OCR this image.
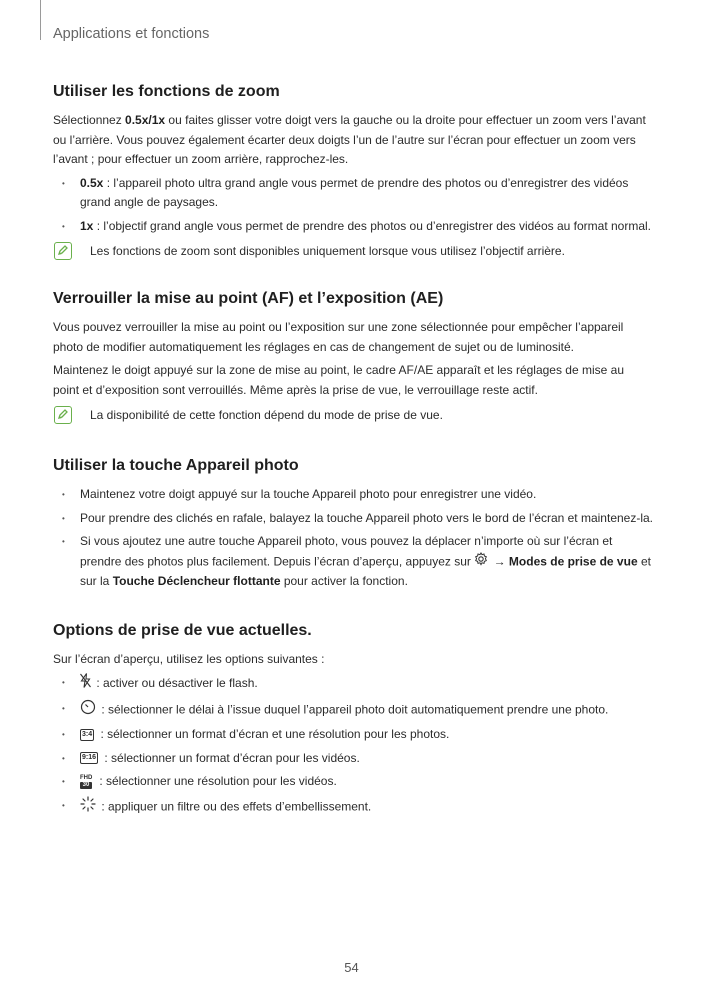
Applications et fonctions
Utiliser les fonctions de zoom

Sélectionnez 0.5x/1x ou faites glisser votre doigt vers la gauche ou la droite pour effectuer un zoom vers l’avant ou l’arrière. Vous pouvez également écarter deux doigts l’un de l’autre sur l’écran pour effectuer un zoom vers l’avant ; pour effectuer un zoom arrière, rapprochez-les.

• 0.5x : l’appareil photo ultra grand angle vous permet de prendre des photos ou d’enregistrer des vidéos grand angle de paysages.
• 1x : l’objectif grand angle vous permet de prendre des photos ou d’enregistrer des vidéos au format normal.
Les fonctions de zoom sont disponibles uniquement lorsque vous utilisez l’objectif arrière.
Verrouiller la mise au point (AF) et l’exposition (AE)

Vous pouvez verrouiller la mise au point ou l’exposition sur une zone sélectionnée pour empêcher l’appareil photo de modifier automatiquement les réglages en cas de changement de sujet ou de luminosité.

Maintenez le doigt appuyé sur la zone de mise au point, le cadre AF/AE apparaît et les réglages de mise au point et d’exposition sont verrouillés. Même après la prise de vue, le verrouillage reste actif.

La disponibilité de cette fonction dépend du mode de prise de vue.
Utiliser la touche Appareil photo
• Maintenez votre doigt appuyé sur la touche Appareil photo pour enregistrer une vidéo.
• Pour prendre des clichés en rafale, balayez la touche Appareil photo vers le bord de l’écran et maintenez-la.
• Si vous ajoutez une autre touche Appareil photo, vous pouvez la déplacer n’importe où sur l’écran et prendre des photos plus facilement. Depuis l’écran d’aperçu, appuyez sur  → Modes de prise de vue et sur la Touche Déclencheur flottante pour activer la fonction.
Options de prise de vue actuelles.

Sur l’écran d’aperçu, utilisez les options suivantes :

• : activer ou désactiver le flash.
• : sélectionner le délai à l’issue duquel l’appareil photo doit automatiquement prendre une photo.
• 3:4 : sélectionner un format d’écran et une résolution pour les photos.
• 9:16 : sélectionner un format d’écran pour les vidéos.
• FHD
30 : sélectionner une résolution pour les vidéos.
• : appliquer un filtre ou des effets d’embellissement.
54
